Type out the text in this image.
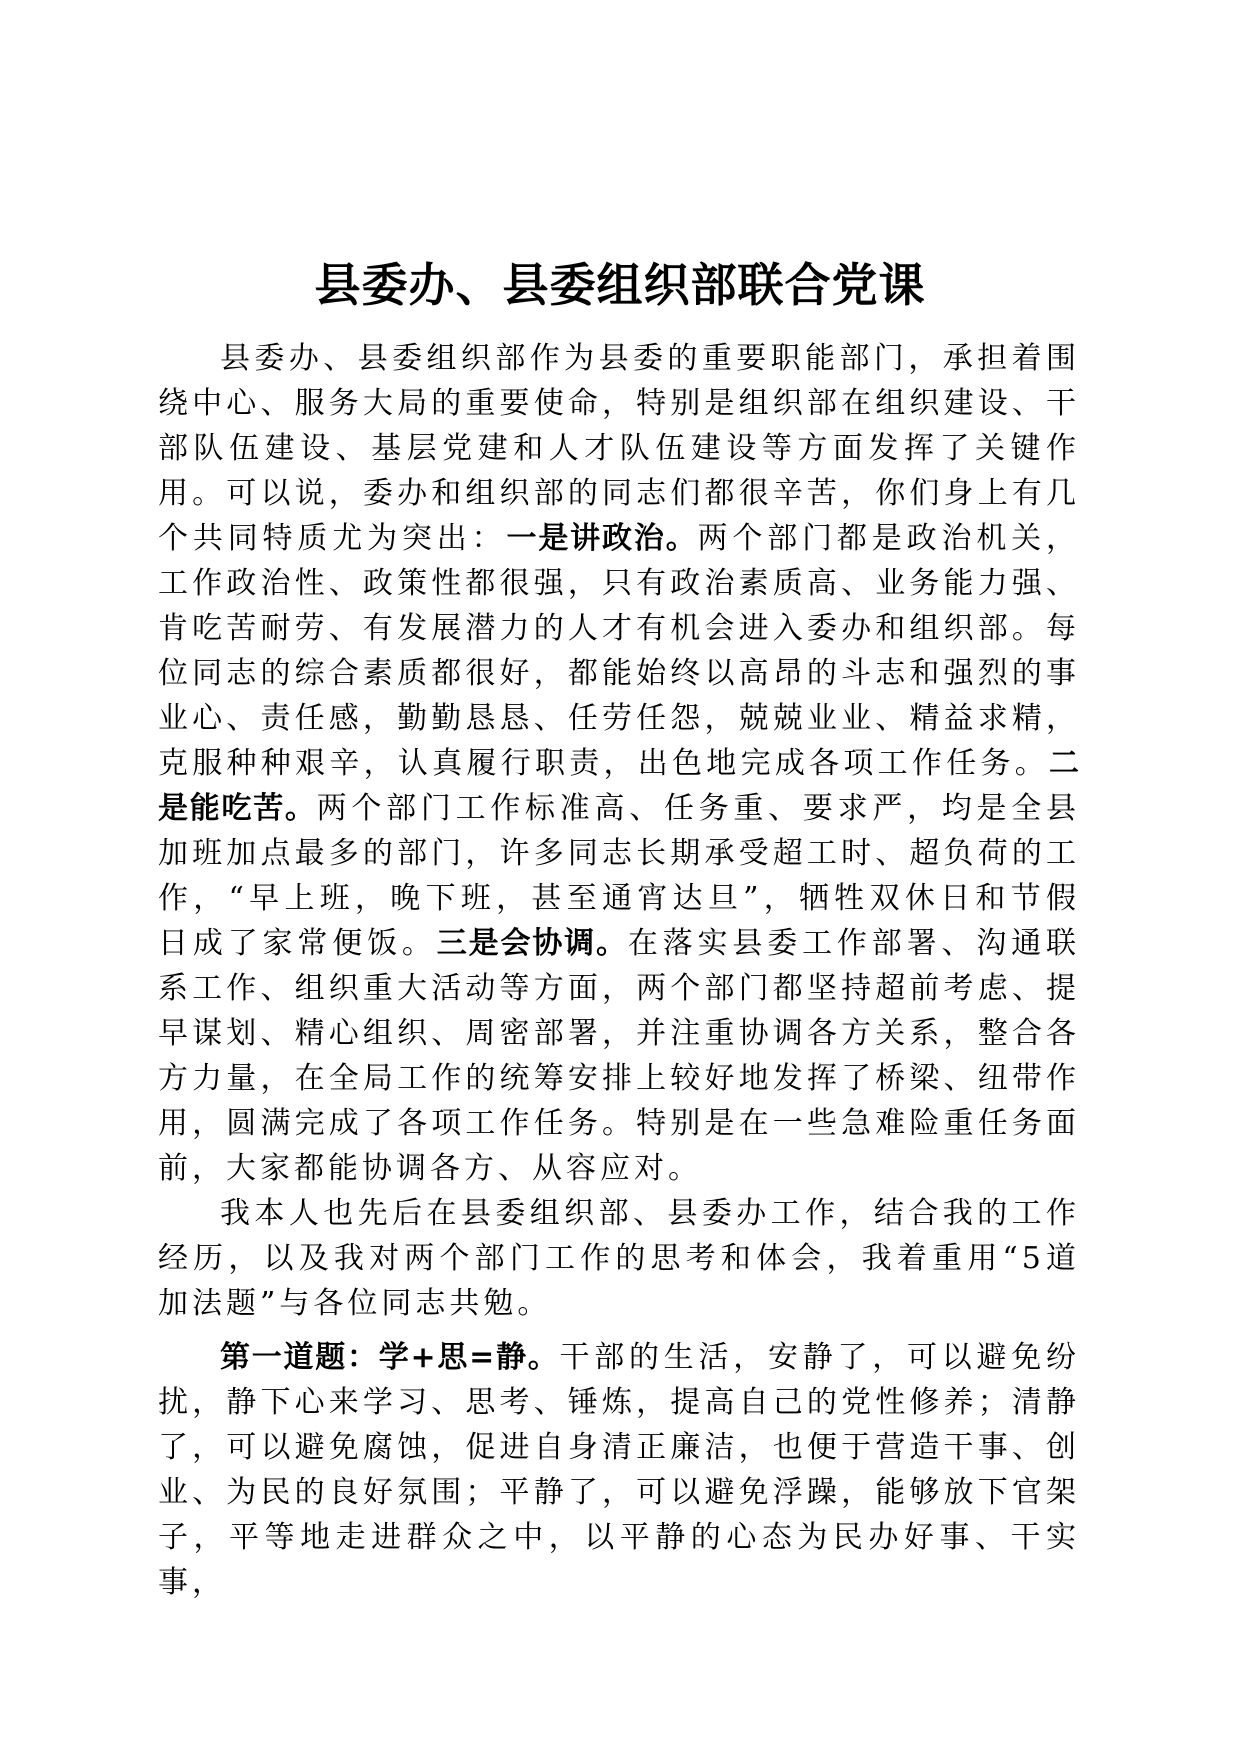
县委办、县委组织部联合党课

县委办、县委组织部作为县委的重要职能部门，承担着围绕中心、服务大局的重要使命，特别是组织部在组织建设、干部队伍建设、基层党建和人才队伍建设等方面发挥了关键作用。可以说，委办和组织部的同志们都很辛苦，你们身上有几个共同特质尤为突出：一是讲政治。两个部门都是政治机关，工作政治性、政策性都很强，只有政治素质高、业务能力强、肯吃苦耐劳、有发展潜力的人才有机会进入委办和组织部。每位同志的综合素质都很好，都能始终以高昂的斗志和强烈的事业心、责任感，勤勤恳恳、任劳任怨，兢兢业业、精益求精，克服种种艰辛，认真履行职责，出色地完成各项工作任务。二是能吃苦。两个部门工作标准高、任务重、要求严，均是全县加班加点最多的部门，许多同志长期承受超工时、超负荷的工作，“早上班，晚下班，甚至通宵达旦”，牺牲双休日和节假日成了家常便饭。三是会协调。在落实县委工作部署、沟通联系工作、组织重大活动等方面，两个部门都坚持超前考虑、提早谋划、精心组织、周密部署，并注重协调各方关系，整合各方力量，在全局工作的统筹安排上较好地发挥了桥梁、纽带作用，圆满完成了各项工作任务。特别是在一些急难险重任务面前，大家都能协调各方、从容应对。

我本人也先后在县委组织部、县委办工作，结合我的工作经历，以及我对两个部门工作的思考和体会，我着重用“5道加法题”与各位同志共勉。

第一道题：学+思=静。干部的生活，安静了，可以避免纷扰，静下心来学习、思考、锤炼，提高自己的党性修养；清静了，可以避免腐蚀，促进自身清正廉洁，也便于营造干事、创业、为民的良好氛围；平静了，可以避免浮躁，能够放下官架子，平等地走进群众之中，以平静的心态为民办好事、干实事，
